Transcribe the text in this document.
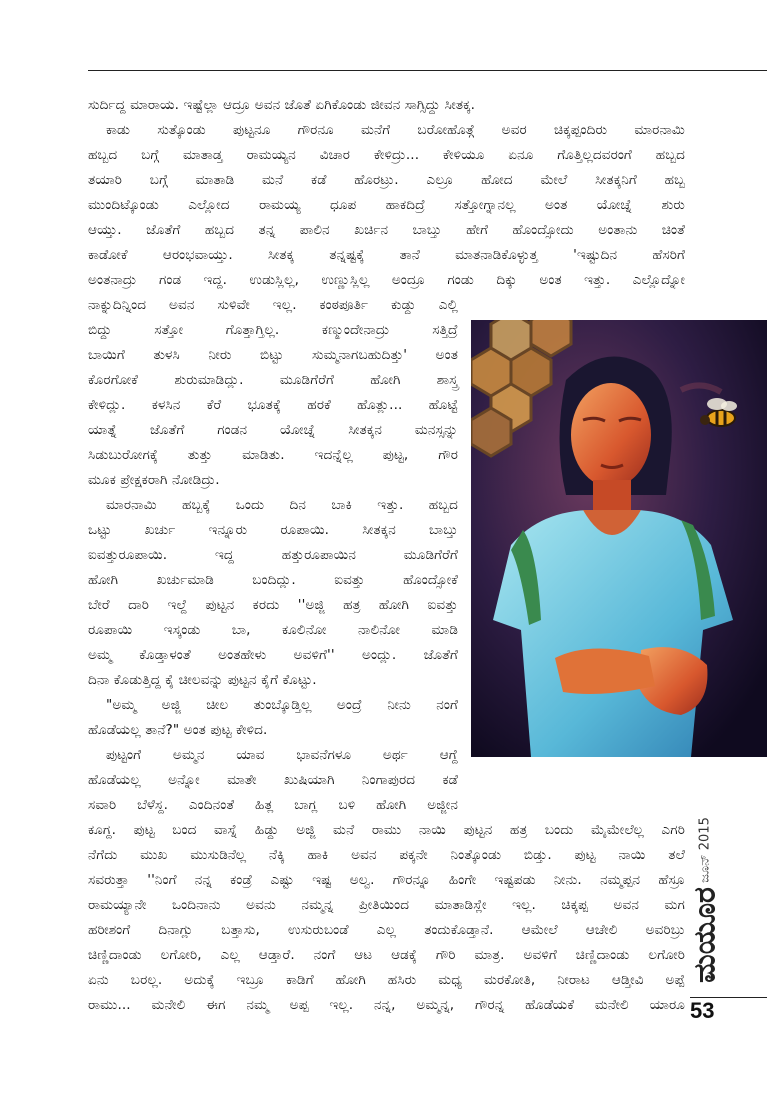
ಸುರ್ದಿದ್ದ ಮಾರಾಯ. ಇಷ್ಟೆಲ್ಲಾ ಆದ್ರೂ ಅವನ ಜೊತೆ ಏಗಿಕೊಂಡು ಜೀವನ ಸಾಗ್ಸಿದ್ದು ಸೀತಕ್ಕ.
ಕಾಡು ಸುತ್ಕೊಂಡು ಪುಟ್ಟನೂ ಗೌರನೂ ಮನೆಗೆ ಬರೋಹೊತ್ಗೆ ಅವರ ಚಿಕ್ಕಪ್ಪಂದಿರು ಮಾರನಾಮಿ
ಹಬ್ಬದ ಬಗ್ಗೆ ಮಾತಾಡ್ತ ರಾಮಯ್ಯನ ವಿಚಾರ ಕೇಳಿದ್ರು... ಕೇಳಿಯೂ ಏನೂ ಗೊತ್ತಿಲ್ಲದವರಂಗೆ ಹಬ್ಬದ
ತಯಾರಿ ಬಗ್ಗೆ ಮಾತಾಡಿ ಮನೆ ಕಡೆ ಹೊರಟ್ರು. ಎಲ್ರೂ ಹೋದ ಮೇಲೆ ಸೀತಕ್ಕನಿಗೆ ಹಬ್ಬ
ಮುಂದಿಟ್ಕೊಂಡು ಎಲ್ಲೋದ ರಾಮಯ್ಯ ಧೂಪ ಹಾಕದಿದ್ರೆ ಸತ್ತೋಗ್ನಾನಲ್ಲ ಅಂತ ಯೋಚ್ನೆ ಶುರು
ಆಯ್ತು. ಜೊತೆಗೆ ಹಬ್ಬದ ತನ್ನ ಪಾಲಿನ ಖರ್ಚಿನ ಬಾಬ್ತು ಹೇಗೆ ಹೊಂದ್ಸೋದು ಅಂತಾನು ಚಿಂತೆ
ಕಾಡೋಕೆ ಆರಂಭವಾಯ್ತು. ಸೀತಕ್ಕ ತನ್ನಷ್ಟಕ್ಕೆ ತಾನೆ ಮಾತನಾಡಿಕೊಳ್ಳುತ್ತ 'ಇಷ್ಟುದಿನ ಹೆಸರಿಗೆ
ಅಂತನಾದ್ರು ಗಂಡ ಇದ್ದ. ಉಡುಸ್ಲಿಲ್ಲ, ಉಣ್ಣುಸ್ಲಿಲ್ಲ ಅಂದ್ರೂ ಗಂಡು ದಿಕ್ಕು ಅಂತ ಇತ್ತು. ಎಲ್ಲೊದ್ನೋ
ನಾಕ್ನುದಿನ್ನಿಂದ ಅವನ ಸುಳಿವೇ ಇಲ್ಲ. ಕಂಠಪೂರ್ತಿ ಕುಡ್ದು ಎಲ್ಲಿ
ಬಿದ್ದು ಸತ್ತೋ ಗೊತ್ತಾಗ್ತಿಲ್ಲ. ಕಣ್ಮುಂದೇನಾದ್ರು ಸತ್ತಿದ್ರೆ
ಬಾಯಿಗೆ ತುಳಸಿ ನೀರು ಬಿಟ್ಟು ಸುಮ್ಮನಾಗಬಹುದಿತ್ತು' ಅಂತ
ಕೊರಗೋಕೆ ಶುರುಮಾಡಿದ್ಲು. ಮೂಡಿಗೆರೆಗೆ ಹೋಗಿ ಶಾಸ್ತ್ರ
ಕೇಳಿದ್ಲು. ಕಳಸಿನ ಕೆರೆ ಭೂತಕ್ಕೆ ಹರಕೆ ಹೊತ್ಲು... ಹೊಟ್ಟೆ
ಯಾತ್ನೆ ಜೊತೆಗೆ ಗಂಡನ ಯೋಚ್ನೆ ಸೀತಕ್ಕನ ಮನಸ್ಸನ್ನು
ಸಿಡುಬುರೋಗಕ್ಕೆ ತುತ್ತು ಮಾಡಿತು. ಇದನ್ನೆಲ್ಲ ಪುಟ್ಟ, ಗೌರ
ಮೂಕ ಪ್ರೇಕ್ಷಕರಾಗಿ ನೋಡಿದ್ರು.
ಮಾರನಾಮಿ ಹಬ್ಬಕ್ಕೆ ಒಂದು ದಿನ ಬಾಕಿ ಇತ್ತು. ಹಬ್ಬದ
ಒಟ್ಟು ಖರ್ಚು ಇನ್ನೂರು ರೂಪಾಯಿ. ಸೀತಕ್ಕನ ಬಾಬ್ತು
ಐವತ್ತುರೂಪಾಯಿ. ಇದ್ದ ಹತ್ತುರೂಪಾಯಿನ ಮೂಡಿಗೆರೆಗೆ
ಹೋಗಿ ಖರ್ಚುಮಾಡಿ ಬಂದಿದ್ಲು. ಐವತ್ತು ಹೊಂದ್ಸೋಕೆ
ಬೇರೆ ದಾರಿ ಇಲ್ದೆ ಪುಟ್ಟನ ಕರದು ''ಅಜ್ಜಿ ಹತ್ರ ಹೋಗಿ ಐವತ್ತು
ರೂಪಾಯಿ ಇಸ್ಕಂಡು ಬಾ, ಕೂಲಿನೋ ನಾಲಿನೋ ಮಾಡಿ
ಅಮ್ಮ ಕೊಡ್ತಾಳಂತೆ ಅಂತಹೇಳು ಅವಳಿಗೆ'' ಅಂದ್ಲು. ಜೊತೆಗೆ
ದಿನಾ ಕೊಡುತ್ತಿದ್ದ ಕೈ ಚೀಲವನ್ನು ಪುಟ್ಟನ ಕೈಗೆ ಕೊಟ್ಟು.
"ಅಮ್ಮ ಅಜ್ಜಿ ಚೀಲ ತುಂಬ್ಕೊಡ್ತಿಲ್ಲ ಅಂದ್ರೆ ನೀನು ನಂಗೆ
ಹೊಡೆಯಲ್ಲ ತಾನೆ?" ಅಂತ ಪುಟ್ಟ ಕೇಳಿದ.
ಪುಟ್ಟಂಗೆ ಅಮ್ಮನ ಯಾವ ಭಾವನೆಗಳೂ ಅರ್ಥ ಆಗ್ದೆ
ಹೊಡೆಯಲ್ಲ ಅನ್ನೋ ಮಾತೇ ಖುಷಿಯಾಗಿ ನಿಂಗಾಪುರದ ಕಡೆ
ಸವಾರಿ ಬೆಳೆಸ್ದ. ಎಂದಿನಂತೆ ಹಿತ್ಲ ಬಾಗ್ಲ ಬಳಿ ಹೋಗಿ ಅಜ್ಜೀನ
ಕೂಗ್ದ. ಪುಟ್ಟ ಬಂದ ವಾಸ್ನೆ ಹಿಡ್ದು ಅಜ್ಜಿ ಮನೆ ರಾಮು ನಾಯಿ ಪುಟ್ಟನ ಹತ್ರ ಬಂದು ಮೈಮೇಲೆಲ್ಲ ಎಗರಿ
ನೆಗೆದು ಮುಖ ಮುಸುಡಿನೆಲ್ಲ ನೆಕ್ಕಿ ಹಾಕಿ ಅವನ ಪಕ್ಕನೇ ನಿಂತ್ಕೊಂಡು ಬಿಡ್ತು. ಪುಟ್ಟ ನಾಯಿ ತಲೆ
ಸವರುತ್ತಾ ''ನಿಂಗೆ ನನ್ನ ಕಂಡ್ರೆ ಎಷ್ಟು ಇಷ್ಟ ಅಲ್ವ. ಗೌರನ್ನೂ ಹಿಂಗೇ ಇಷ್ಟಪಡು ನೀನು. ನಮ್ಮಪ್ಪನ ಹೆಸ್ರೂ
ರಾಮಯ್ಯಾನೇ ಒಂದಿನಾನು ಅವನು ನಮ್ಮನ್ನ ಪ್ರೀತಿಯಿಂದ ಮಾತಾಡಿಸ್ಲೇ ಇಲ್ಲ. ಚಿಕ್ಕಪ್ಪ ಅವನ ಮಗ
ಹರೀಶಂಗೆ ದಿನಾಗ್ಲು ಬತ್ತಾಸು, ಉಸುರುಬಂಡೆ ಎಲ್ಲ ತಂದುಕೊಡ್ತಾನೆ. ಆಮೇಲೆ ಆಚೇಲಿ ಅವರಿಬ್ರು
ಚಿಣ್ಣಿದಾಂಡು ಲಗೋರಿ, ಎಲ್ಲ ಆಡ್ತಾರೆ. ನಂಗೆ ಆಟ ಆಡಕ್ಕೆ ಗೌರಿ ಮಾತ್ರ. ಅವಳಿಗೆ ಚಿಣ್ಣಿದಾಂಡು ಲಗೋರಿ
ಏನು ಬರಲ್ಲ. ಅದುಕ್ಕೆ ಇಬ್ರೂ ಕಾಡಿಗೆ ಹೋಗಿ ಹಸಿರು ಮಧ್ಯ ಮರಕೋತಿ, ನೀರಾಟ ಆಡ್ತೀವಿ ಅಪ್ಪೆ
ರಾಮು... ಮನೇಲಿ ಈಗ ನಮ್ಮ ಅಪ್ಪ ಇಲ್ಲ. ನನ್ನ, ಅಮ್ಮನ್ನ, ಗೌರನ್ನ ಹೊಡೆಯಕೆ ಮನೇಲಿ ಯಾರೂ
ಜೂನ್ 2015
ಮಯೂರ
53
